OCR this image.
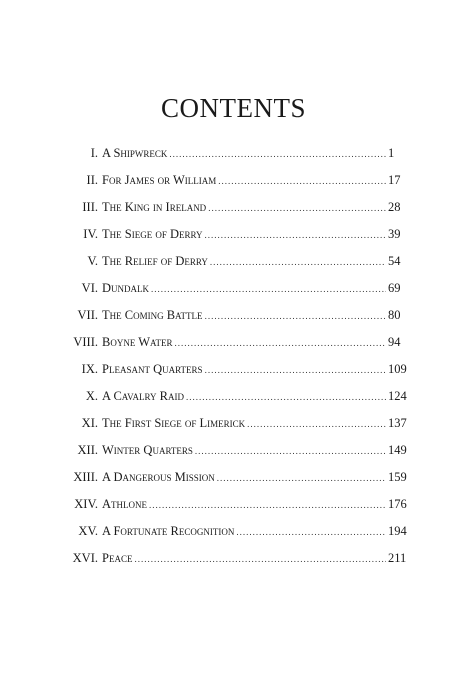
CONTENTS
I. A Shipwreck .....	1
II. For James or William .....	17
III. The King in Ireland .....	28
IV. The Siege of Derry .....	39
V. The Relief of Derry .....	54
VI. Dundalk .....	69
VII. The Coming Battle .....	80
VIII. Boyne Water .....	94
IX. Pleasant Quarters .....	109
X. A Cavalry Raid .....	124
XI. The First Siege of Limerick .....	137
XII. Winter Quarters .....	149
XIII. A Dangerous Mission .....	159
XIV. Athlone .....	176
XV. A Fortunate Recognition .....	194
XVI. Peace .....	211
